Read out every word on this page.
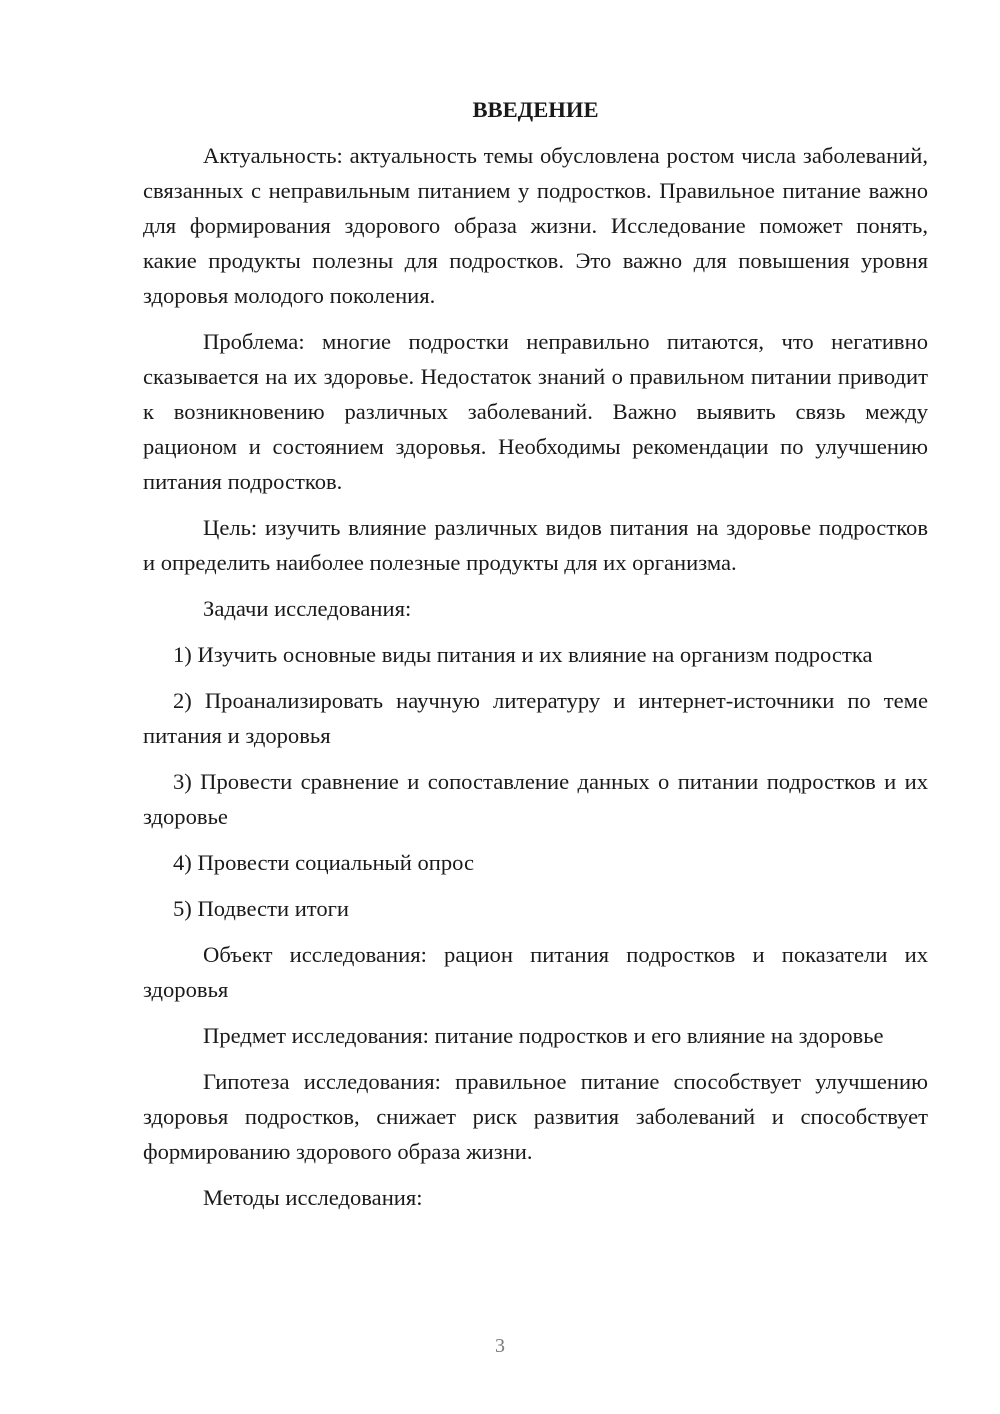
ВВЕДЕНИЕ

Актуальность: актуальность темы обусловлена ростом числа заболеваний, связанных с неправильным питанием у подростков. Правильное питание важно для формирования здорового образа жизни. Исследование поможет понять, какие продукты полезны для подростков. Это важно для повышения уровня здоровья молодого поколения.

Проблема: многие подростки неправильно питаются, что негативно сказывается на их здоровье. Недостаток знаний о правильном питании приводит к возникновению различных заболеваний. Важно выявить связь между рационом и состоянием здоровья. Необходимы рекомендации по улучшению питания подростков.

Цель: изучить влияние различных видов питания на здоровье подростков и определить наиболее полезные продукты для их организма.

Задачи исследования:

1) Изучить основные виды питания и их влияние на организм подростка

2) Проанализировать научную литературу и интернет-источники по теме питания и здоровья

3) Провести сравнение и сопоставление данных о питании подростков и их здоровье

4) Провести социальный опрос

5) Подвести итоги

Объект исследования: рацион питания подростков и показатели их здоровья

Предмет исследования: питание подростков и его влияние на здоровье

Гипотеза исследования: правильное питание способствует улучшению здоровья подростков, снижает риск развития заболеваний и способствует формированию здорового образа жизни.

Методы исследования:

3
